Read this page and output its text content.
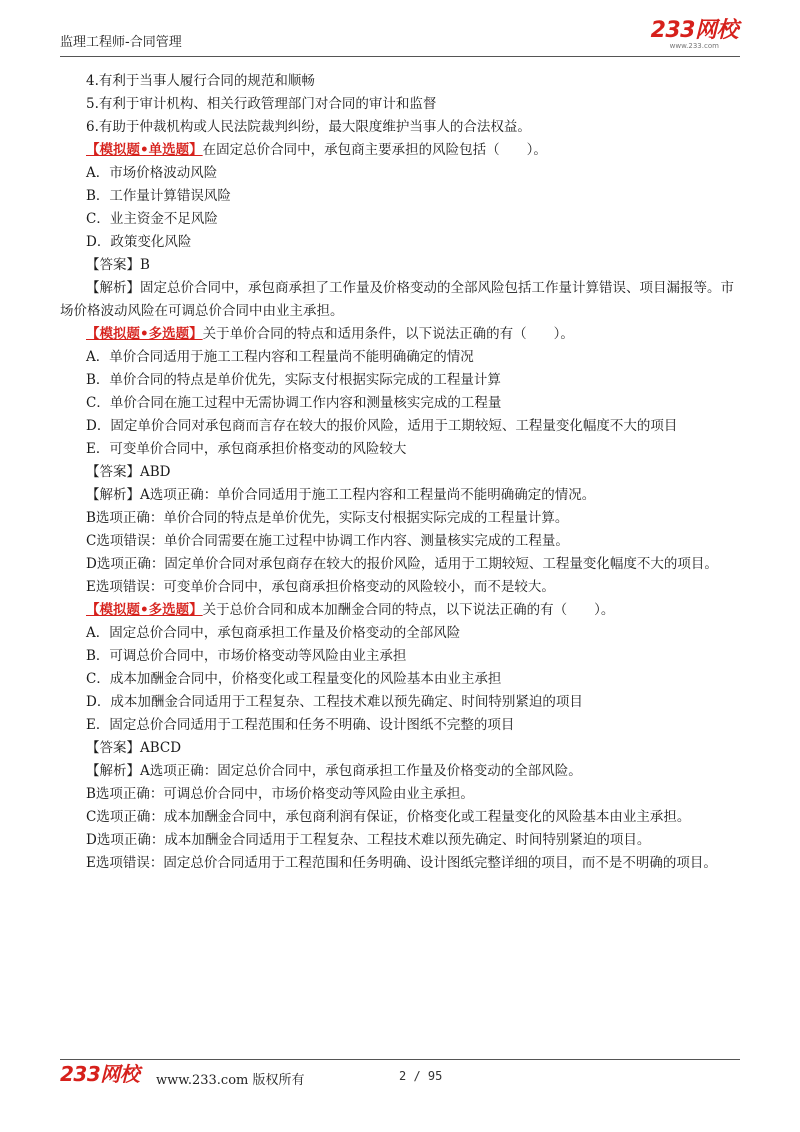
监理工程师-合同管理	233网校
www.233.com
4.有利于当事人履行合同的规范和顺畅
5.有利于审计机构、相关行政管理部门对合同的审计和监督
6.有助于仲裁机构或人民法院裁判纠纷，最大限度维护当事人的合法权益。
【模拟题•单选题】在固定总价合同中，承包商主要承担的风险包括（　　）。
A．市场价格波动风险
B．工作量计算错误风险
C．业主资金不足风险
D．政策变化风险
【答案】B
【解析】固定总价合同中，承包商承担了工作量及价格变动的全部风险包括工作量计算错误、项目漏报等。市场价格波动风险在可调总价合同中由业主承担。
【模拟题•多选题】关于单价合同的特点和适用条件，以下说法正确的有（　　）。
A．单价合同适用于施工工程内容和工程量尚不能明确确定的情况
B．单价合同的特点是单价优先，实际支付根据实际完成的工程量计算
C．单价合同在施工过程中无需协调工作内容和测量核实完成的工程量
D．固定单价合同对承包商而言存在较大的报价风险，适用于工期较短、工程量变化幅度不大的项目
E．可变单价合同中，承包商承担价格变动的风险较大
【答案】ABD
【解析】A选项正确：单价合同适用于施工工程内容和工程量尚不能明确确定的情况。
B选项正确：单价合同的特点是单价优先，实际支付根据实际完成的工程量计算。
C选项错误：单价合同需要在施工过程中协调工作内容、测量核实完成的工程量。
D选项正确：固定单价合同对承包商存在较大的报价风险，适用于工期较短、工程量变化幅度不大的项目。
E选项错误：可变单价合同中，承包商承担价格变动的风险较小，而不是较大。
【模拟题•多选题】关于总价合同和成本加酬金合同的特点，以下说法正确的有（　　）。
A．固定总价合同中，承包商承担工作量及价格变动的全部风险
B．可调总价合同中，市场价格变动等风险由业主承担
C．成本加酬金合同中，价格变化或工程量变化的风险基本由业主承担
D．成本加酬金合同适用于工程复杂、工程技术难以预先确定、时间特别紧迫的项目
E．固定总价合同适用于工程范围和任务不明确、设计图纸不完整的项目
【答案】ABCD
【解析】A选项正确：固定总价合同中，承包商承担工作量及价格变动的全部风险。
B选项正确：可调总价合同中，市场价格变动等风险由业主承担。
C选项正确：成本加酬金合同中，承包商利润有保证，价格变化或工程量变化的风险基本由业主承担。
D选项正确：成本加酬金合同适用于工程复杂、工程技术难以预先确定、时间特别紧迫的项目。
E选项错误：固定总价合同适用于工程范围和任务明确、设计图纸完整详细的项目，而不是不明确的项目。
233网校 www.233.com 版权所有	2 / 95
